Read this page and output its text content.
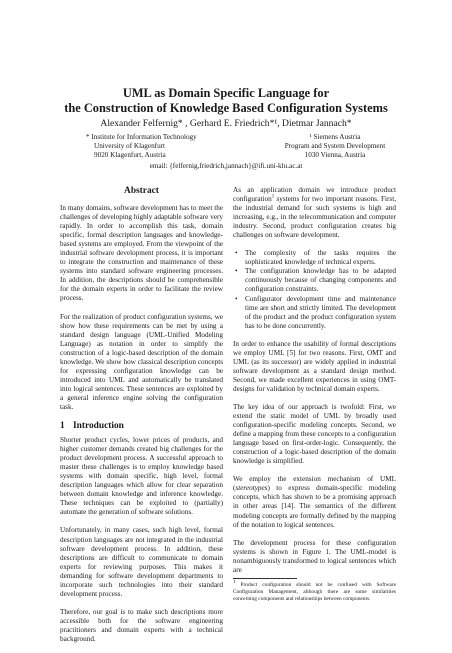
UML as Domain Specific Language for
the Construction of Knowledge Based Configuration Systems
Alexander Felfernig* , Gerhard E. Friedrich*¹, Dietmar Jannach*
* Institute for Information Technology
University of Klagenfurt
9020 Klagenfurt, Austria
¹ Siemens Austria
Program and System Development
1030 Vienna, Austria
email: {felfernig,friedrich,jannach}@ifi.uni-klu.ac.at
Abstract

In many domains, software development has to meet the challenges of developing highly adaptable software very rapidly. In order to accomplish this task, domain specific, formal description languages and knowledge-based systems are employed. From the viewpoint of the industrial software development process, it is important to integrate the construction and maintenance of these systems into standard software engineering processes. In addition, the descriptions should be comprehensible for the domain experts in order to facilitate the review process.

For the realization of product configuration systems, we show how these requirements can be met by using a standard design language (UML-Unified Modeling Language) as notation in order to simplify the construction of a logic-based description of the domain knowledge. We show how classical description concepts for expressing configuration knowledge can be introduced into UML and automatically be translated into logical sentences. These sentences are exploited by a general inference engine solving the configuration task.

1 Introduction

Shorter product cycles, lower prices of products, and higher customer demands created big challenges for the product development process. A successful approach to master these challenges is to employ knowledge based systems with domain specific, high level, formal description languages which allow for clear separation between domain knowledge and inference knowledge. These techniques can be exploited to (partially) automate the generation of software solutions.

Unfortunately, in many cases, such high level, formal description languages are not integrated in the industrial software development process. In addition, these descriptions are difficult to communicate to domain experts for reviewing purposes. This makes it demanding for software development departments to incorporate such technologies into their standard development process.

Therefore, our goal is to make such descriptions more accessible both for the software engineering practitioners and domain experts with a technical background.

As an application domain we introduce product configuration$^1$ systems for two important reasons. First, the industrial demand for such systems is high and increasing, e.g., in the telecommunication and computer industry. Second, product configuration creates big challenges on software development.

• The complexity of the tasks requires the sophisticated knowledge of technical experts.
• The configuration knowledge has to be adapted continuously because of changing components and configuration constraints.
• Configurator development time and maintenance time are short and strictly limited. The development of the product and the product configuration system has to be done concurrently.

In order to enhance the usability of formal descriptions we employ UML [5] for two reasons. First, OMT and UML (as its successor) are widely applied in industrial software development as a standard design method. Second, we made excellent experiences in using OMT-designs for validation by technical domain experts.

The key idea of our approach is twofold: First, we extend the static model of UML by broadly used configuration-specific modeling concepts. Second, we define a mapping from these concepts to a configuration language based on first-order-logic. Consequently, the construction of a logic-based description of the domain knowledge is simplified.

We employ the extension mechanism of UML (stereotypes) to express domain-specific modeling concepts, which has shown to be a promising approach in other areas [14]. The semantics of the different modeling concepts are formally defined by the mapping of the notation to logical sentences.

The development process for these configuration systems is shown in Figure 1. The UML-model is nonambiguously transformed to logical sentences which are

$^1$ Product configuration should not be confused with Software Configuration Management, although there are some similarities concerning components and relationships between components.
